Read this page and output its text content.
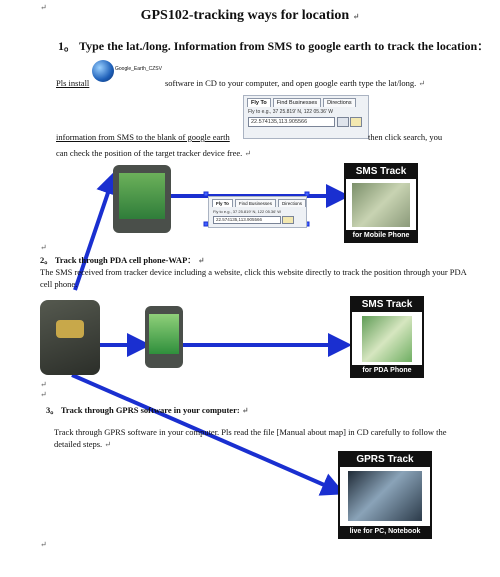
↵
GPS102-tracking ways for location ↵
1。 Type the lat./long. Information from SMS to google earth to track the location：
Pls install
Google_Earth_CZSV
software in CD to your computer, and open google earth type the lat/long. ↵
Fly To	Find Businesses	Directions
Fly to e.g., 37 25.819' N, 122 05.36' W
22.574135,113.905566
information from SMS to the blank of google earth	then click search, you
can check the position of the target tracker device free. ↵
Fly To	Find Businesses	Directions
Fly to e.g., 37 25.819' N, 122 05.36' W
22.574135,113.905566
SMS Track
for Mobile Phone
↵
2。 Track through PDA cell phone-WAP： ↵
The SMS received from tracker device including a website, click this website directly to track the position through your PDA cell phone.
SMS Track
for PDA Phone
↵
↵
3。 Track through GPRS software in your computer: ↵
Track through GPRS software in your computer. Pls read the file [Manual about map] in CD carefully to follow the detailed steps. ↵
GPRS Track
live for PC, Notebook
↵
